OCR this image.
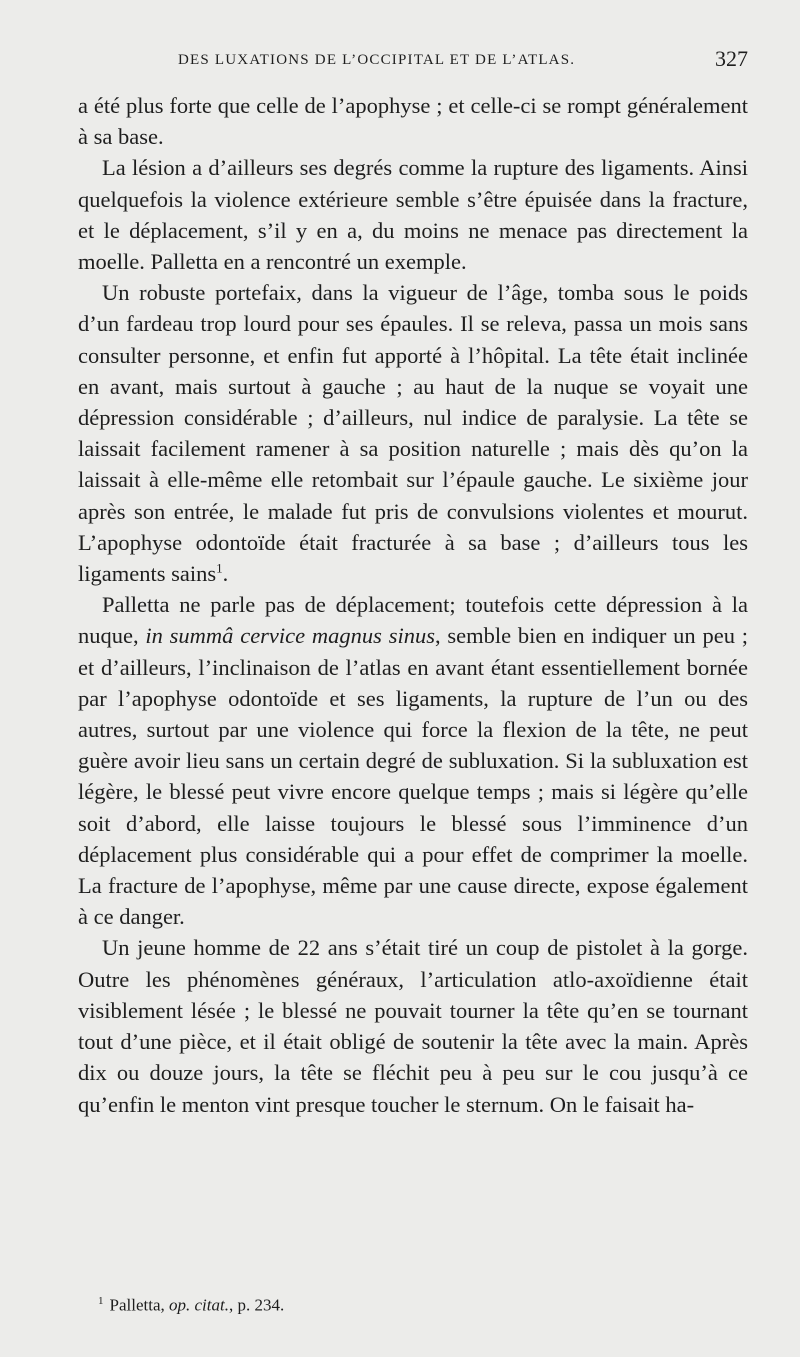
DES LUXATIONS DE L’OCCIPITAL ET DE L’ATLAS.	327

a été plus forte que celle de l’apophyse ; et celle-ci se rompt généralement à sa base.

La lésion a d’ailleurs ses degrés comme la rupture des ligaments. Ainsi quelquefois la violence extérieure semble s’être épuisée dans la fracture, et le déplacement, s’il y en a, du moins ne menace pas directement la moelle. Palletta en a rencontré un exemple.

Un robuste portefaix, dans la vigueur de l’âge, tomba sous le poids d’un fardeau trop lourd pour ses épaules. Il se releva, passa un mois sans consulter personne, et enfin fut apporté à l’hôpital. La tête était inclinée en avant, mais surtout à gauche ; au haut de la nuque se voyait une dépression considérable ; d’ailleurs, nul indice de paralysie. La tête se laissait facilement ramener à sa position naturelle ; mais dès qu’on la laissait à elle-même elle retombait sur l’épaule gauche. Le sixième jour après son entrée, le malade fut pris de convulsions violentes et mourut. L’apophyse odontoïde était fracturée à sa base ; d’ailleurs tous les ligaments sains$^1$.

Palletta ne parle pas de déplacement; toutefois cette dépression à la nuque, in summâ cervice magnus sinus, semble bien en indiquer un peu ; et d’ailleurs, l’inclinaison de l’atlas en avant étant essentiellement bornée par l’apophyse odontoïde et ses ligaments, la rupture de l’un ou des autres, surtout par une violence qui force la flexion de la tête, ne peut guère avoir lieu sans un certain degré de subluxation. Si la subluxation est légère, le blessé peut vivre encore quelque temps ; mais si légère qu’elle soit d’abord, elle laisse toujours le blessé sous l’imminence d’un déplacement plus considérable qui a pour effet de comprimer la moelle. La fracture de l’apophyse, même par une cause directe, expose également à ce danger.

Un jeune homme de 22 ans s’était tiré un coup de pistolet à la gorge. Outre les phénomènes généraux, l’articulation atlo-axoïdienne était visiblement lésée ; le blessé ne pouvait tourner la tête qu’en se tournant tout d’une pièce, et il était obligé de soutenir la tête avec la main. Après dix ou douze jours, la tête se fléchit peu à peu sur le cou jusqu’à ce qu’enfin le menton vint presque toucher le sternum. On le faisait ha-

$^1$ Palletta, op. citat., p. 234.
